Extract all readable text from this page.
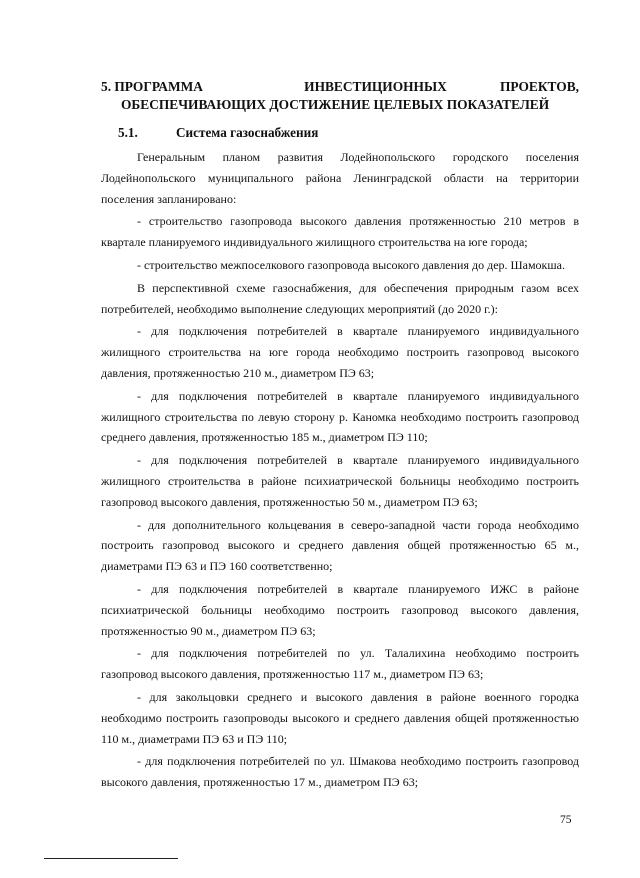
5. ПРОГРАММА	ИНВЕСТИЦИОННЫХ	ПРОЕКТОВ,
ОБЕСПЕЧИВАЮЩИХ ДОСТИЖЕНИЕ ЦЕЛЕВЫХ ПОКАЗАТЕЛЕЙ
5.1.	Система газоснабжения

Генеральным планом развития Лодейнопольского городского поселения Лодейнопольского муниципального района Ленинградской области на территории поселения запланировано:

- строительство газопровода высокого давления протяженностью 210 метров в квартале планируемого индивидуального жилищного строительства на юге города;

- строительство межпоселкового газопровода высокого давления до дер. Шамокша.

В перспективной схеме газоснабжения, для обеспечения природным газом всех потребителей, необходимо выполнение следующих мероприятий (до 2020 г.):

- для подключения потребителей в квартале планируемого индивидуального жилищного строительства на юге города необходимо построить газопровод высокого давления, протяженностью 210 м., диаметром ПЭ 63;

- для подключения потребителей в квартале планируемого индивидуального жилищного строительства по левую сторону р. Каномка необходимо построить газопровод среднего давления, протяженностью 185 м., диаметром ПЭ 110;

- для подключения потребителей в квартале планируемого индивидуального жилищного строительства в районе психиатрической больницы необходимо построить газопровод высокого давления, протяженностью 50 м., диаметром ПЭ 63;

- для дополнительного кольцевания в северо-западной части города необходимо построить газопровод высокого и среднего давления общей протяженностью 65 м., диаметрами ПЭ 63 и ПЭ 160 соответственно;

- для подключения потребителей в квартале планируемого ИЖС в районе психиатрической больницы необходимо построить газопровод высокого давления, протяженностью 90 м., диаметром ПЭ 63;

- для подключения потребителей по ул. Талалихина необходимо построить газопровод высокого давления, протяженностью 117 м., диаметром ПЭ 63;

- для закольцовки среднего и высокого давления в районе военного городка необходимо построить газопроводы высокого и среднего давления общей протяженностью 110 м., диаметрами ПЭ 63 и ПЭ 110;

- для подключения потребителей по ул. Шмакова необходимо построить газопровод высокого давления, протяженностью 17 м., диаметром ПЭ 63;

75
